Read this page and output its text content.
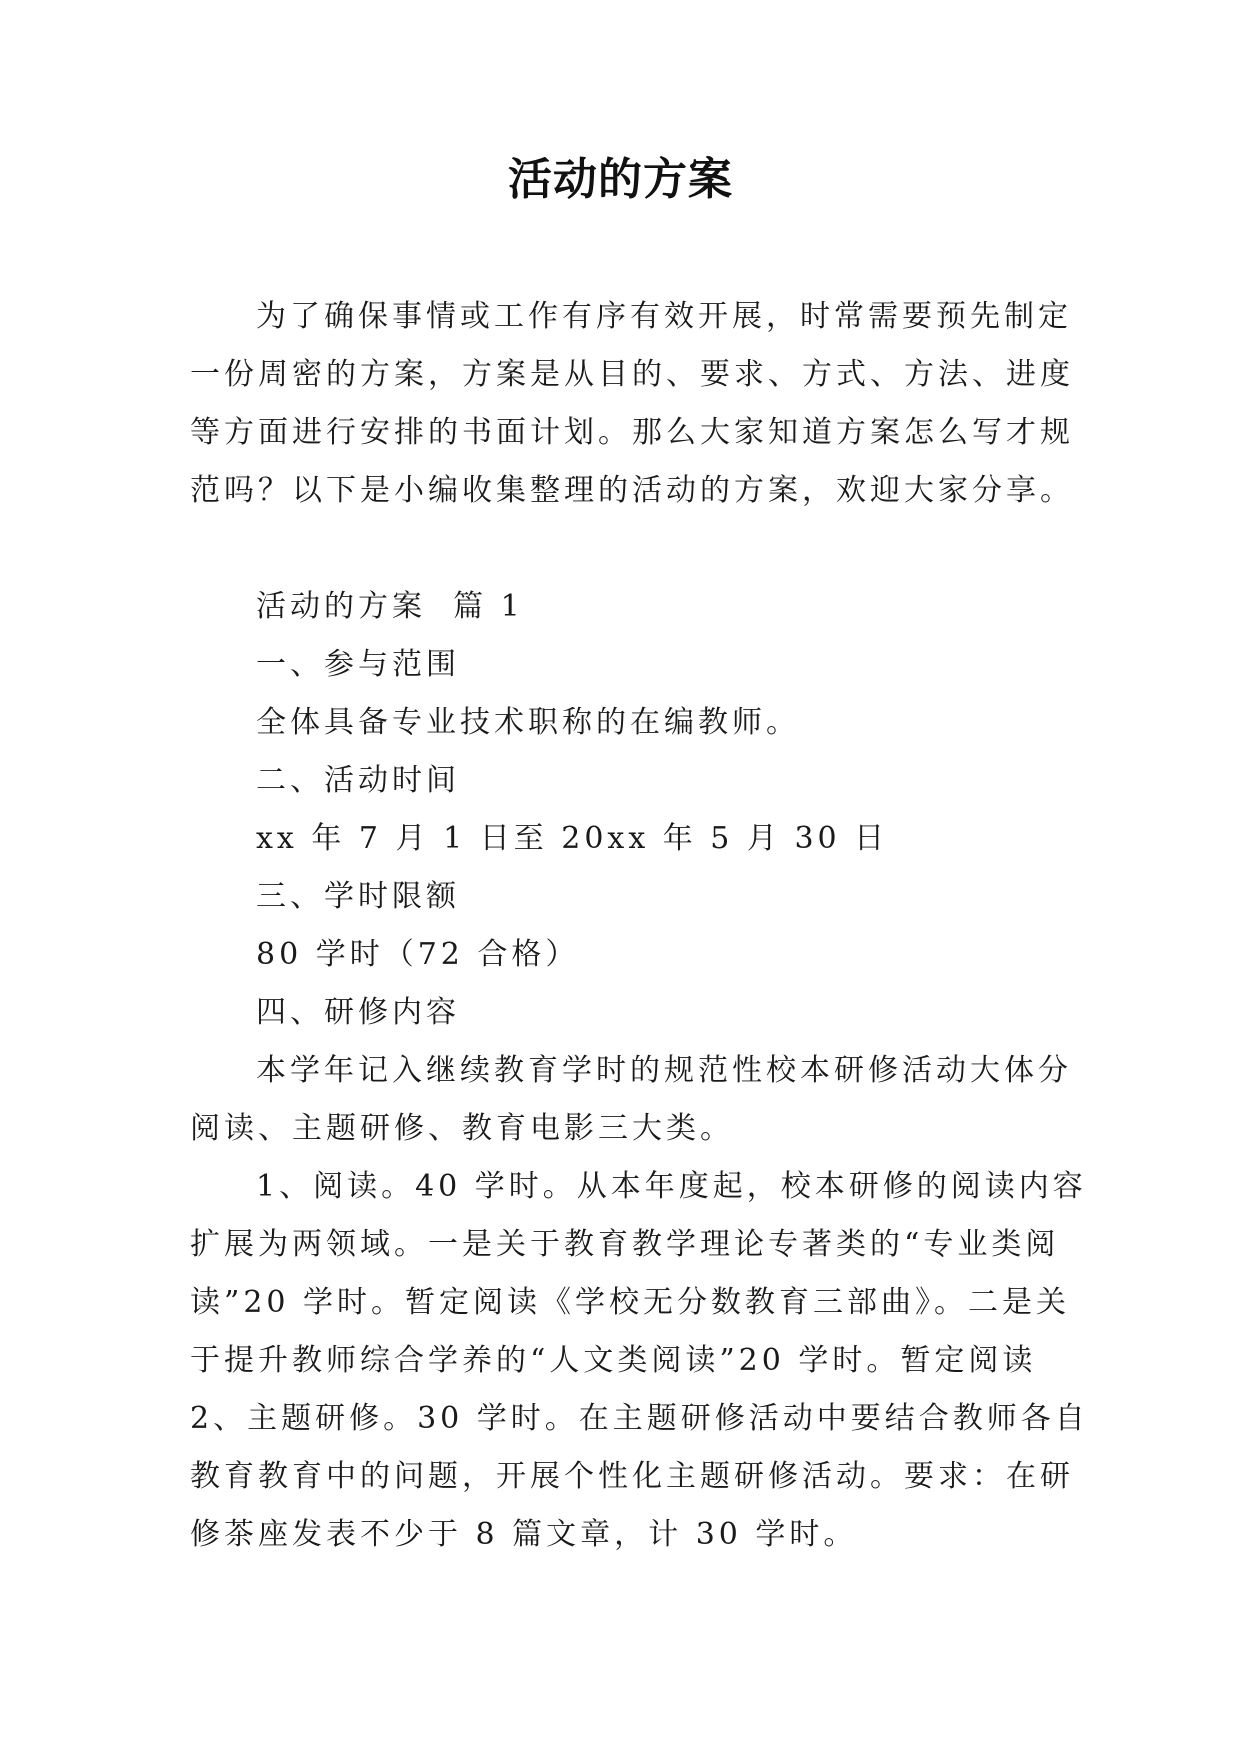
活动的方案

为了确保事情或工作有序有效开展，时常需要预先制定一份周密的方案，方案是从目的、要求、方式、方法、进度等方面进行安排的书面计划。那么大家知道方案怎么写才规范吗？以下是小编收集整理的活动的方案，欢迎大家分享。

活动的方案  篇 1

一、参与范围

全体具备专业技术职称的在编教师。

二、活动时间

xx 年 7 月 1 日至 20xx 年 5 月 30 日

三、学时限额

80 学时（72 合格）

四、研修内容

本学年记入继续教育学时的规范性校本研修活动大体分阅读、主题研修、教育电影三大类。

1、阅读。40 学时。从本年度起，校本研修的阅读内容扩展为两领域。一是关于教育教学理论专著类的“专业类阅读”20 学时。暂定阅读《学校无分数教育三部曲》。二是关于提升教师综合学养的“人文类阅读”20 学时。暂定阅读

2、主题研修。30 学时。在主题研修活动中要结合教师各自教育教育中的问题，开展个性化主题研修活动。要求：在研修茶座发表不少于 8 篇文章，计 30 学时。
